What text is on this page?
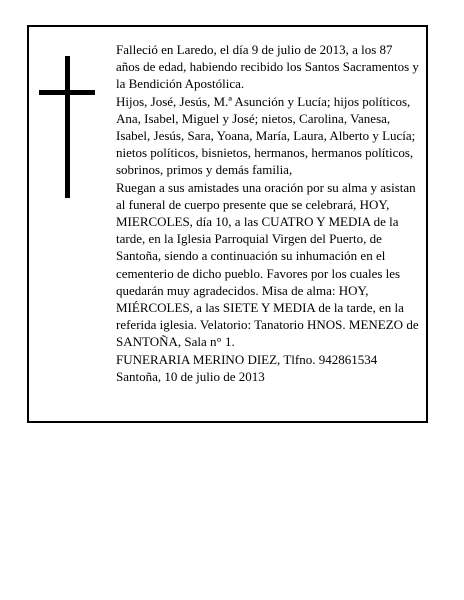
Falleció en Laredo, el día 9 de julio de 2013, a los 87 años de edad, habiendo recibido los Santos Sacramentos y la Bendición Apostólica.

Hijos, José, Jesús, M.ª Asunción y Lucía; hijos políticos, Ana, Isabel, Miguel y José; nietos, Carolina, Vanesa, Isabel, Jesús, Sara, Yoana, María, Laura, Alberto y Lucía; nietos políticos, bisnietos, hermanos, hermanos políticos, sobrinos, primos y demás familia,

Ruegan a sus amistades una oración por su alma y asistan al funeral de cuerpo presente que se celebrará, HOY, MIERCOLES, día 10, a las CUATRO Y MEDIA de la tarde, en la Iglesia Parroquial Virgen del Puerto, de Santoña, siendo a continuación su inhumación en el cementerio de dicho pueblo. Favores por los cuales les quedarán muy agradecidos. Misa de alma: HOY, MIÉRCOLES, a las SIETE Y MEDIA de la tarde, en la referida iglesia. Velatorio: Tanatorio HNOS. MENEZO de SANTOÑA, Sala n° 1.

FUNERARIA MERINO DIEZ, Tlfno. 942861534

Santoña, 10 de julio de 2013
